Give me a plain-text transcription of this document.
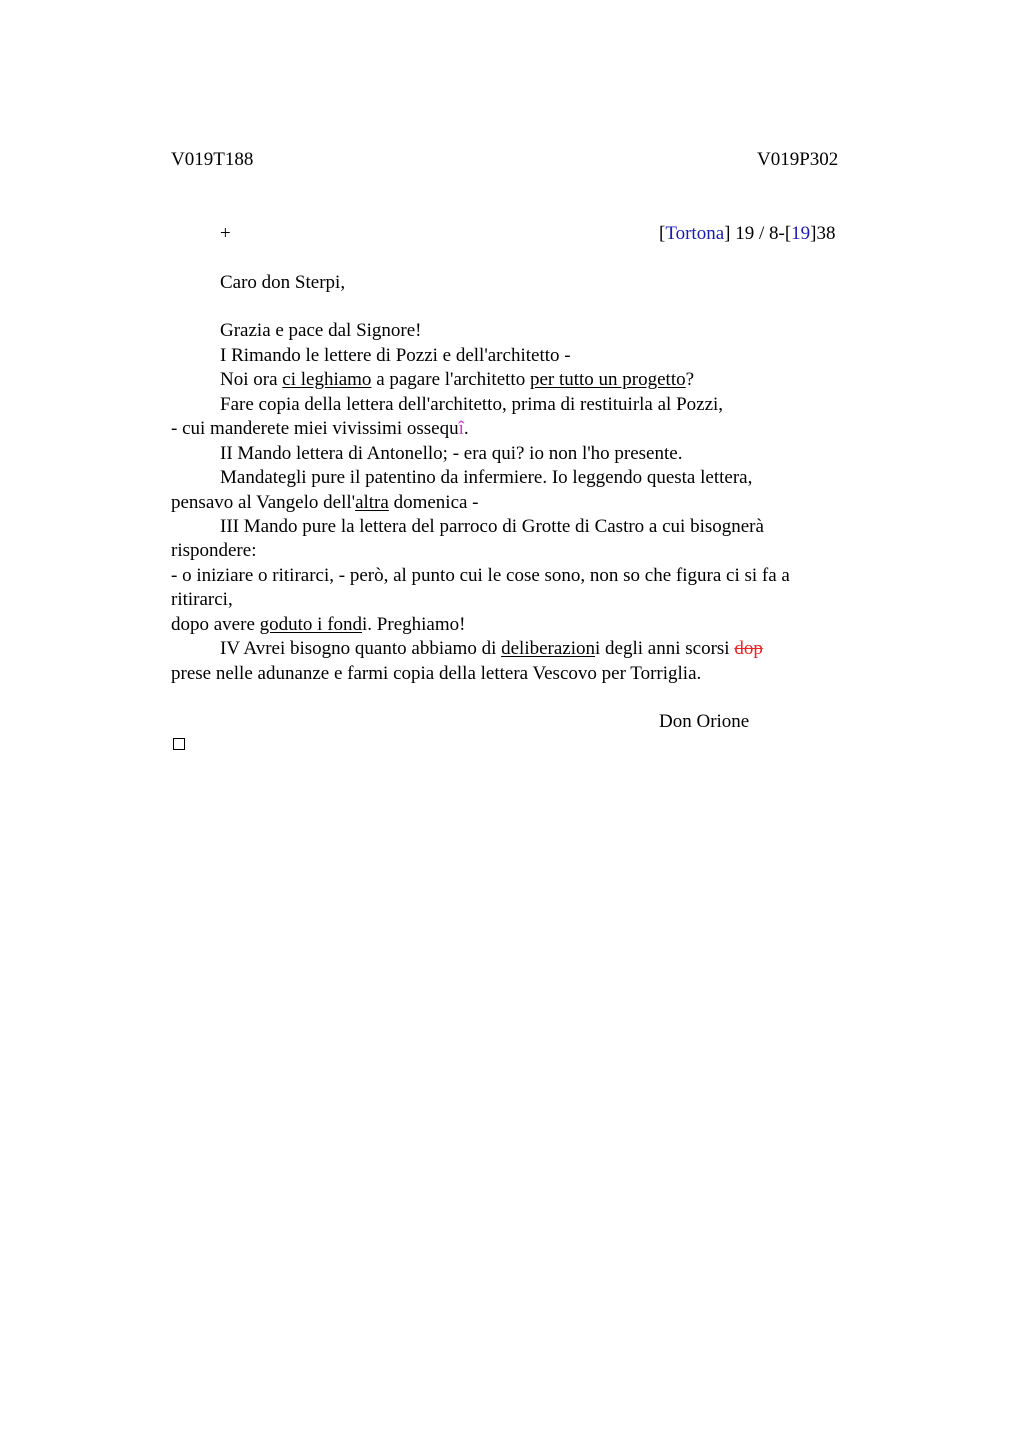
V019T188	V019P302
+	[Tortona] 19 / 8-[19]38
Caro don Sterpi,
Grazia e pace dal Signore!
I Rimando le lettere di Pozzi e dell'architetto -
Noi ora ci leghiamo a pagare l'architetto per tutto un progetto?
Fare copia della lettera dell'architetto, prima di restituirla al Pozzi,
- cui manderete miei vivissimi ossequî.
II Mando lettera di Antonello; - era qui? io non l'ho presente.
Mandategli pure il patentino da infermiere. Io leggendo questa lettera,
pensavo al Vangelo dell'altra domenica -
III Mando pure la lettera del parroco di Grotte di Castro a cui bisognerà
rispondere:
- o iniziare o ritirarci, - però, al punto cui le cose sono, non so che figura ci si fa a
ritirarci,
dopo avere goduto i fondi. Preghiamo!
IV Avrei bisogno quanto abbiamo di deliberazioni degli anni scorsi dop
prese nelle adunanze e farmi copia della lettera Vescovo per Torriglia.
Don Orione
